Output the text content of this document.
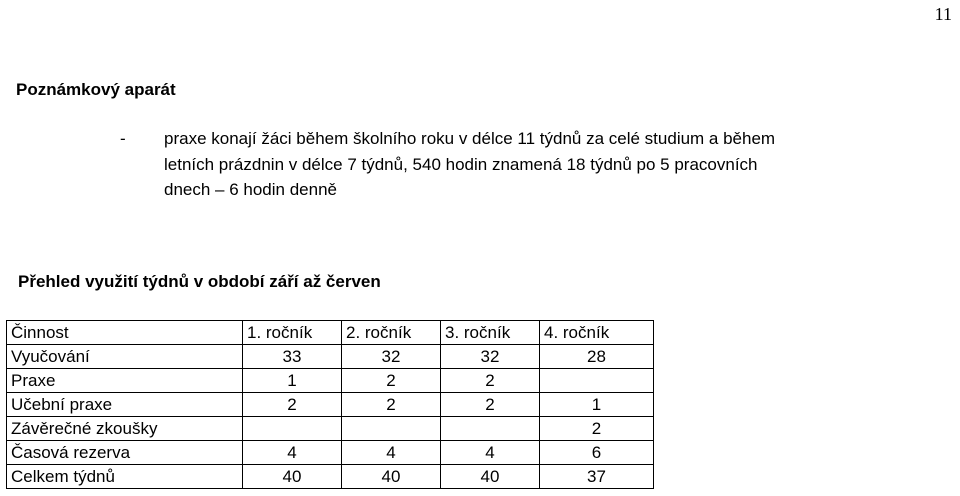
11
Poznámkový aparát
- praxe konají žáci během školního roku v délce 11 týdnů za celé studium a během
letních prázdnin v délce 7 týdnů, 540 hodin znamená 18 týdnů po 5 pracovních
dnech – 6 hodin denně
Přehled využití týdnů v období září až červen
Činnost	1. ročník	2. ročník	3. ročník	4. ročník
Vyučování	33	32	32	28
Praxe	1	2	2	
Učební praxe	2	2	2	1
Závěrečné zkoušky				2
Časová rezerva	4	4	4	6
Celkem týdnů	40	40	40	37
